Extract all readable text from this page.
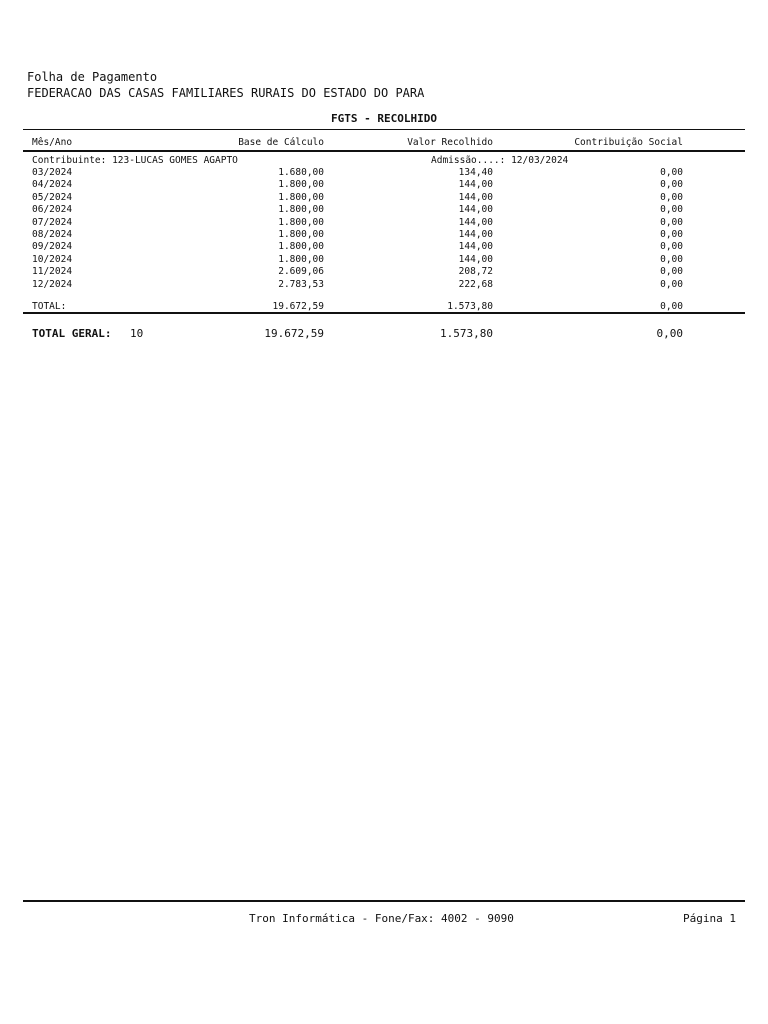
Folha de Pagamento
FEDERACAO DAS CASAS FAMILIARES RURAIS DO ESTADO DO PARA
FGTS - RECOLHIDO
Mês/Ano	Base de Cálculo	Valor Recolhido	Contribuição Social
Contribuinte: 123-LUCAS GOMES AGAPTO	Admissão....: 12/03/2024
03/2024	1.680,00	134,40	0,00
04/2024	1.800,00	144,00	0,00
05/2024	1.800,00	144,00	0,00
06/2024	1.800,00	144,00	0,00
07/2024	1.800,00	144,00	0,00
08/2024	1.800,00	144,00	0,00
09/2024	1.800,00	144,00	0,00
10/2024	1.800,00	144,00	0,00
11/2024	2.609,06	208,72	0,00
12/2024	2.783,53	222,68	0,00
TOTAL:	19.672,59	1.573,80	0,00
TOTAL GERAL: 10	19.672,59	1.573,80	0,00
Tron Informática - Fone/Fax: 4002 - 9090	Página 1
